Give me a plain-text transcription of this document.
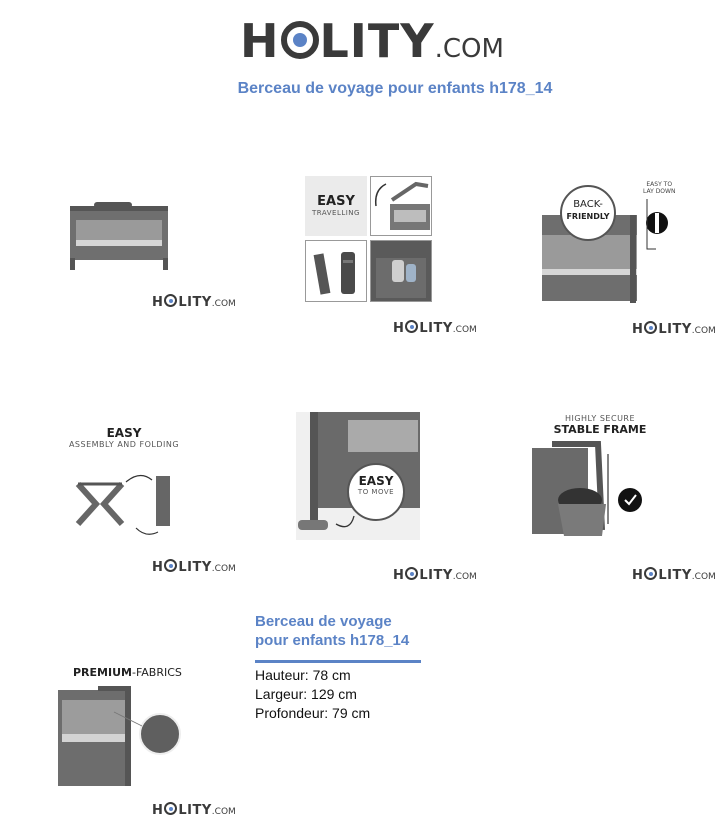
H LITY.COM
Berceau de voyage pour enfants h178_14
H LITY.COM
EASY
TRAVELLING
H LITY.COM
BACK-
FRIENDLY
EASY TO
LAY DOWN
H LITY.COM
EASY
ASSEMBLY AND FOLDING
H LITY.COM
EASY
TO MOVE
H LITY.COM
HIGHLY SECURE
STABLE FRAME
H LITY.COM
PREMIUM-FABRICS
H LITY.COM
Berceau de voyage
pour enfants h178_14
Hauteur: 78 cm
Largeur: 129 cm
Profondeur: 79 cm
